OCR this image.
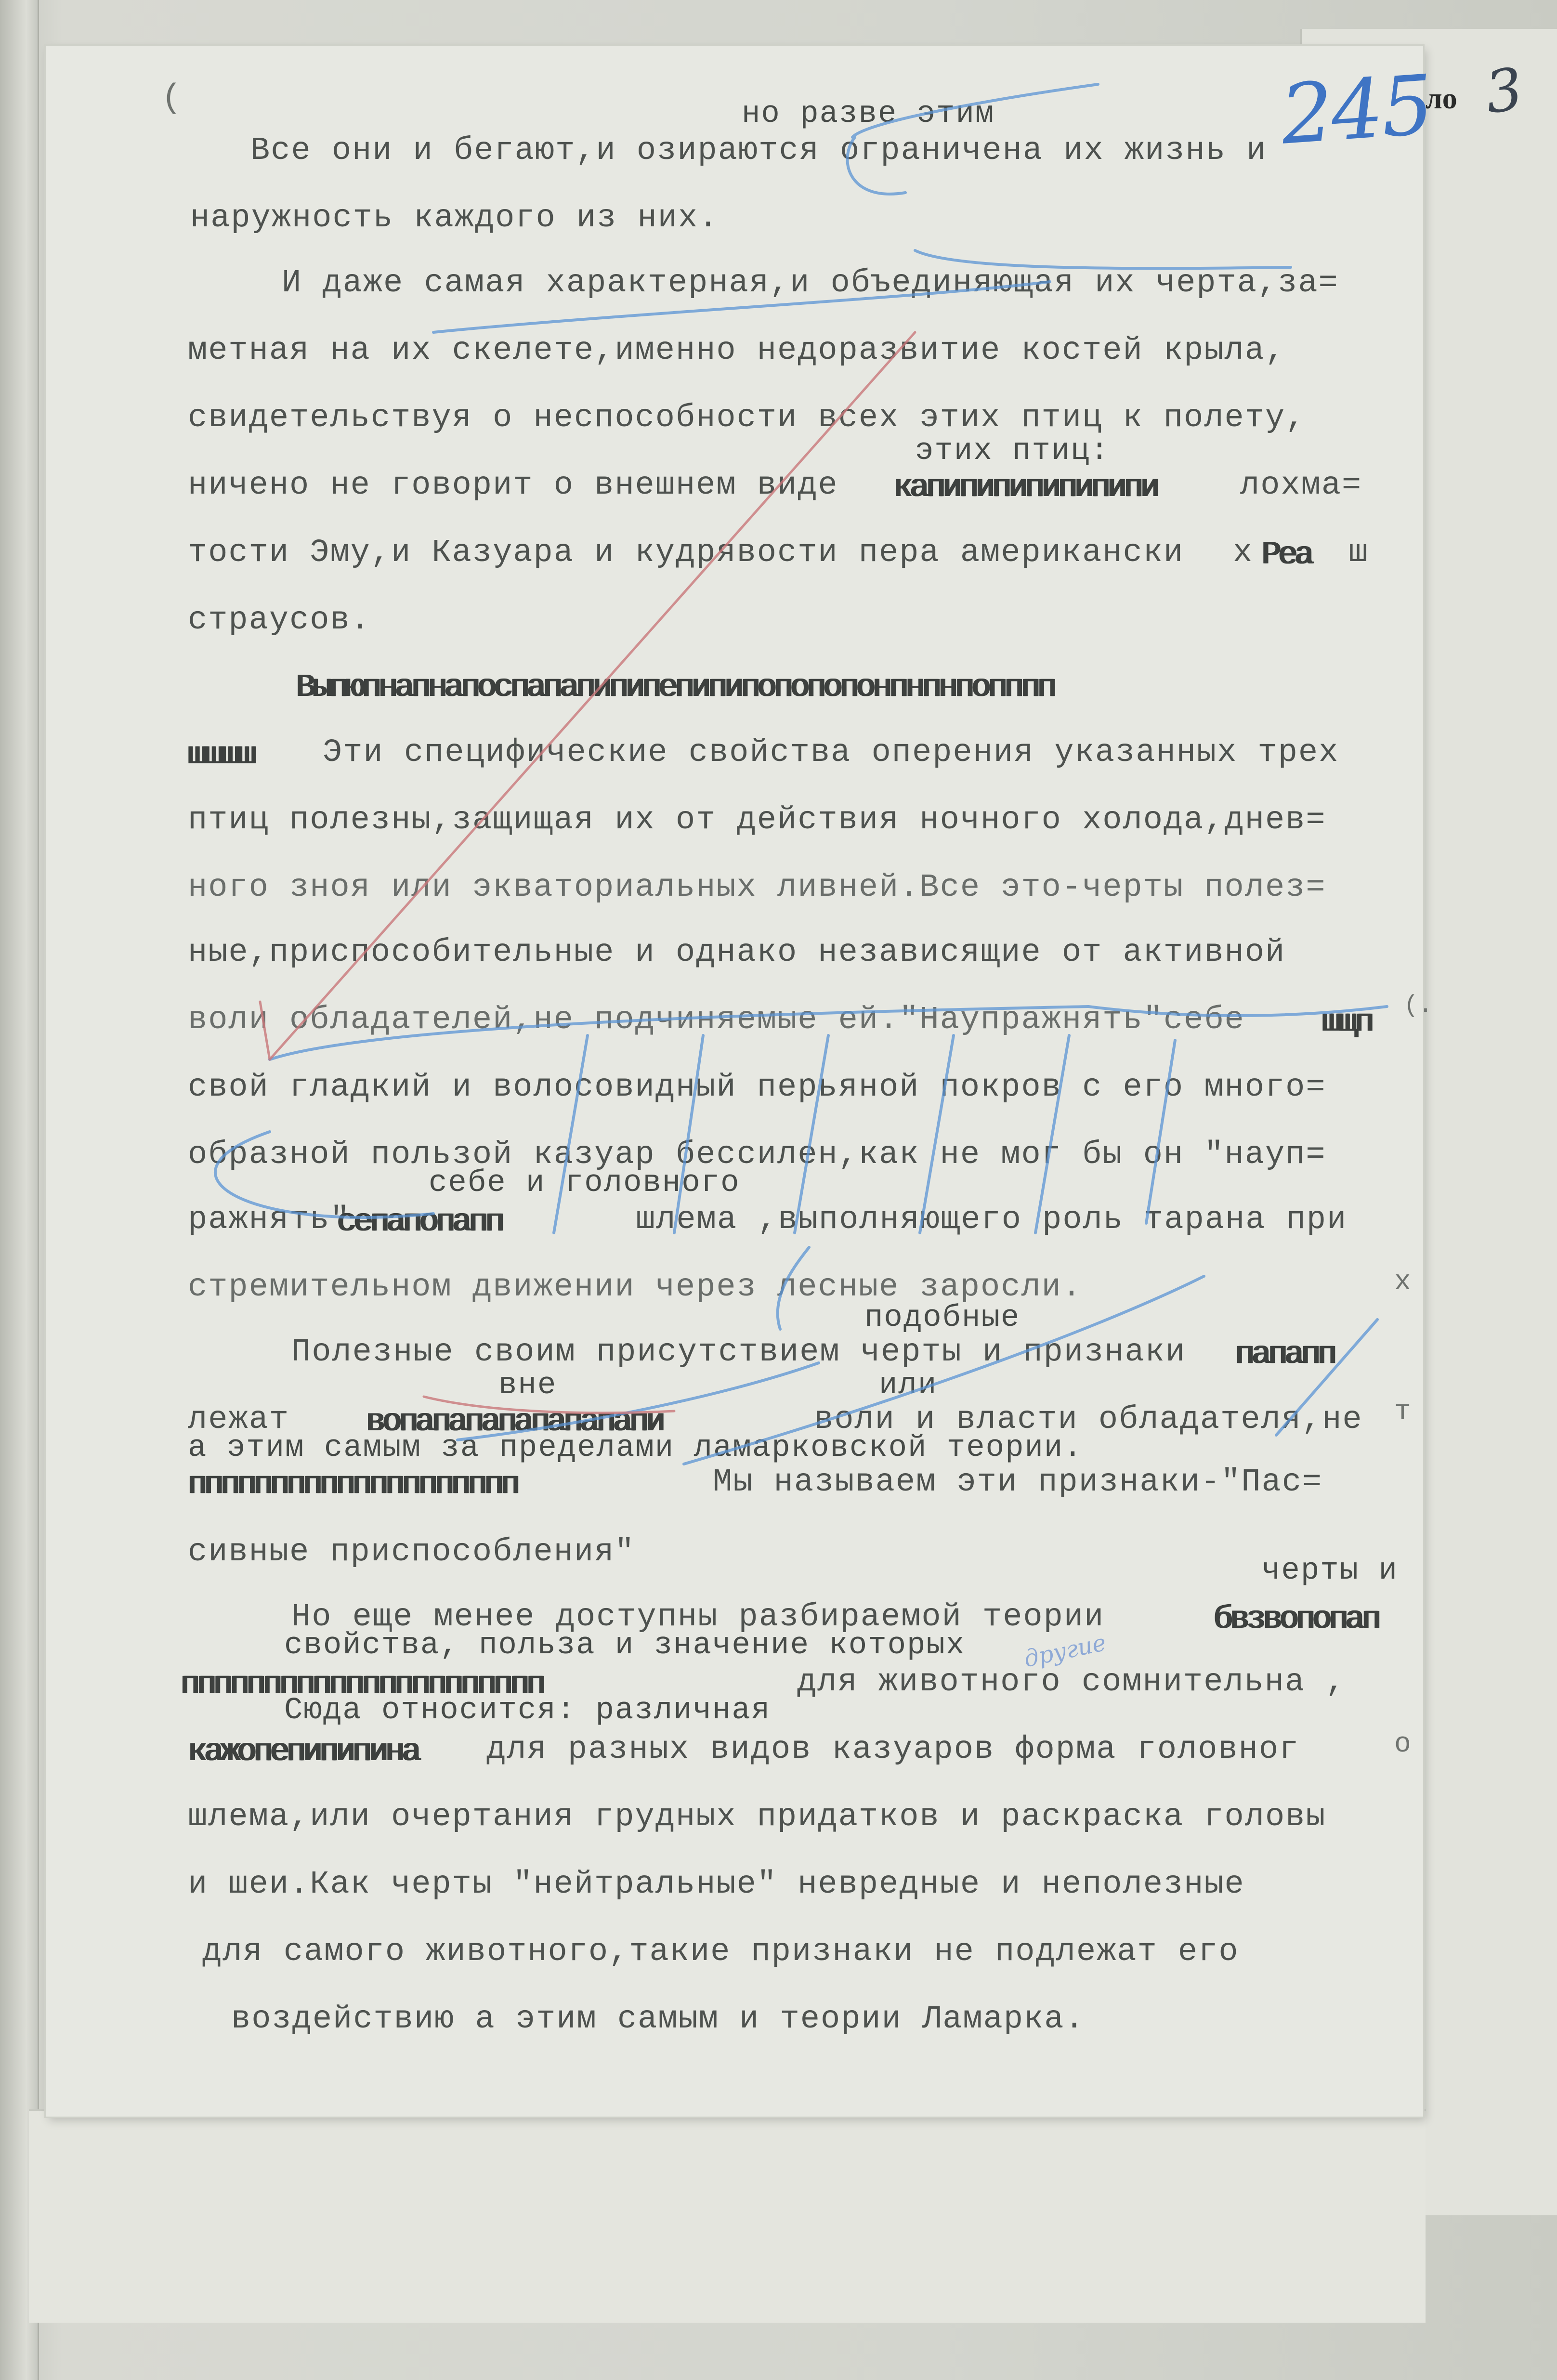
ло 3
245
(
х
т
о
(.
но разве этим
Все они и бегают,и озираются ограничена их жизнь и
наружность каждого из них.
И даже самая характерная,и объединяющая их черта,за=
метная на их скелете,именно недоразвитие костей крыла,
свидетельствуя о неспособности всех этих птиц к полету,
этих птиц:
ничено не говорит о внешнем виде капипипипипипипи	лохма=
тости Эму,и Казуара и кудрявости пера американски х Реа ш
страусов.
Выпюпнапнапоспапапипипепипипопопопонпнпнпопппп
шшшш Эти специфические свойства оперения указанных трех
птиц полезны,защищая их от действия ночного холода,днев=
ного зноя или экваториальных ливней.Все это-черты полез=
ные,приспособительные и однако независящие от активной
воли обладателей,не подчиняемые ей."Наупражнять"себе шщп
свой гладкий и волосовидный перьяной покров с его много=
образной пользой казуар бессилен,как не мог бы он "науп=
себе и головного
ражнять"
сепапопапп	шлема ,выполняющего роль тарана при
стремительном движении через лесные заросли.
подобные
Полезные своим присутствием черты и признаки папапп
вне	или
лежат вопапапапапапапапи	воли и власти обладателя,не
а этим самым за пределами ламарковской теории.
пппппппппппппппппппп	Мы называем эти признаки-"Пас=
сивные приспособления"
черты и
Но еще менее доступны разбираемой теории	бвзвопопап
свойства, польза и значение которых
пппппппппппппппппппппп	для животного сомнительна ,
Сюда относится: различная
кажопепипипина для разных видов казуаров форма головног
шлема,или очертания грудных придатков и раскраска головы
и шеи.Как черты "нейтральные" невредные и неполезные
для самого животного,такие признаки не подлежат его
воздействию а этим самым и теории Ламарка.
другие
